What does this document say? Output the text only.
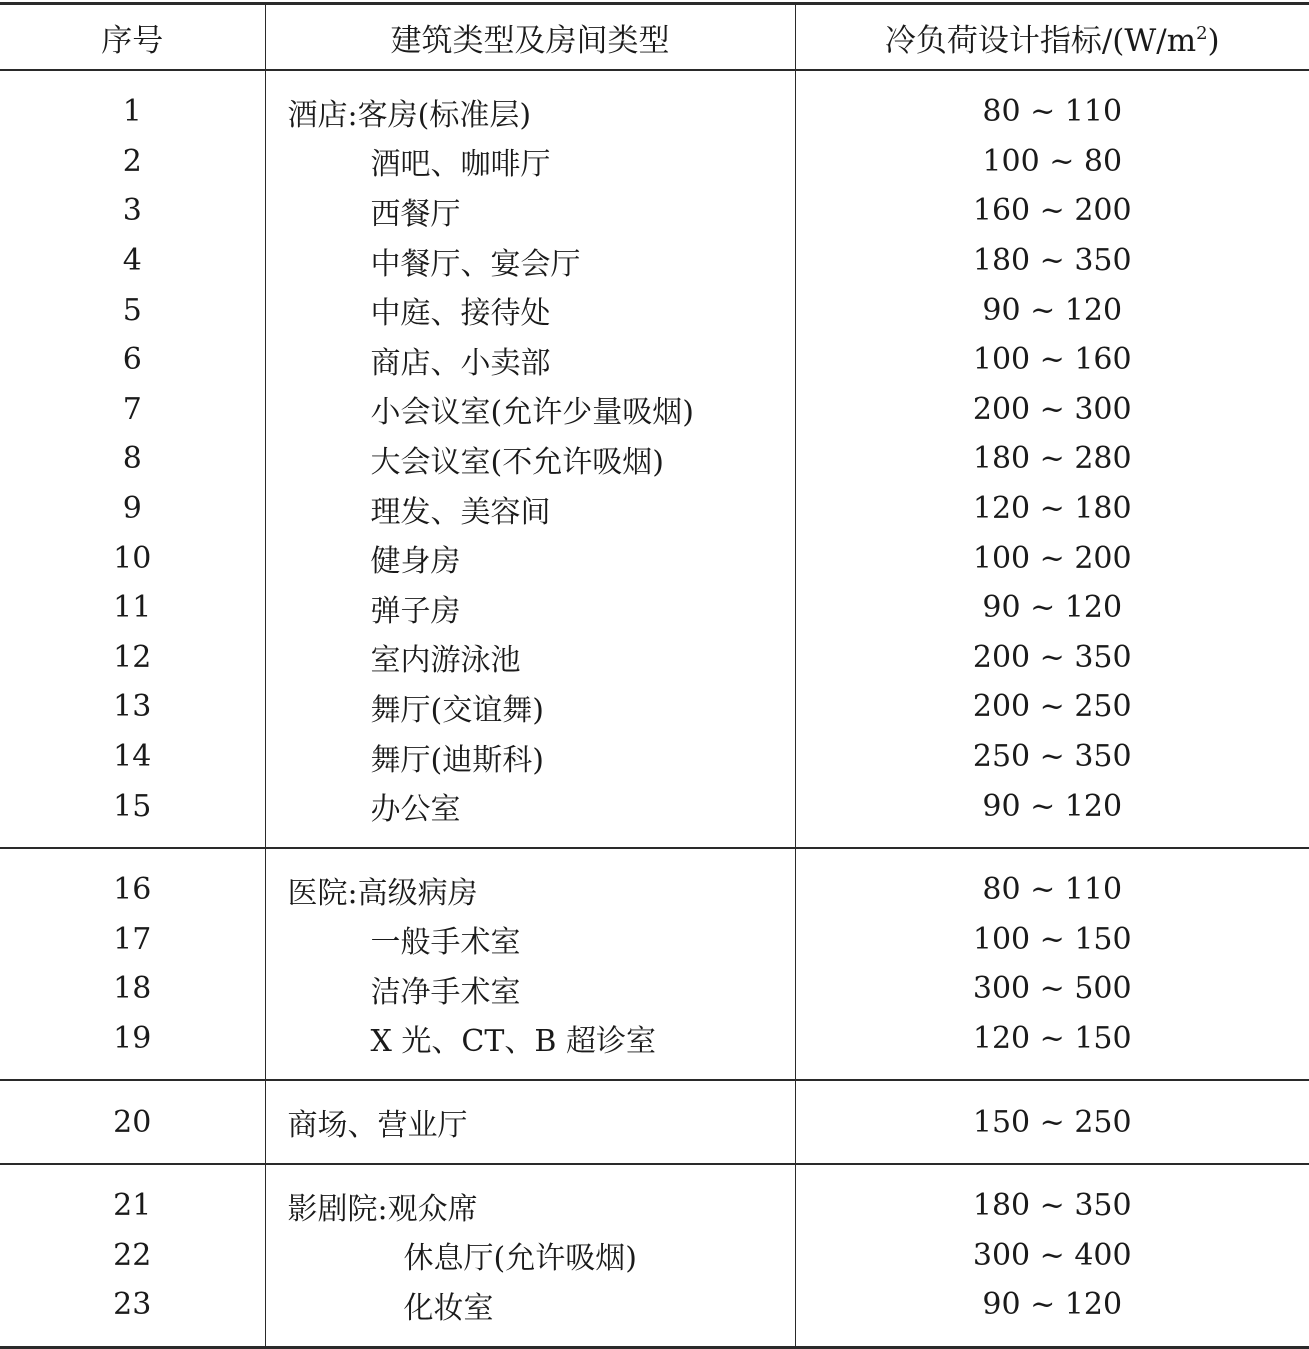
序号	建筑类型及房间类型	冷负荷设计指标$/(W/m^2)$
1	酒店:客房(标准层)	80 ~ 110
2	酒吧、咖啡厅	100 ~ 80
3	西餐厅	160 ~ 200
4	中餐厅、宴会厅	180 ~ 350
5	中庭、接待处	90 ~ 120
6	商店、小卖部	100 ~ 160
7	小会议室(允许少量吸烟)	200 ~ 300
8	大会议室(不允许吸烟)	180 ~ 280
9	理发、美容间	120 ~ 180
10	健身房	100 ~ 200
11	弹子房	90 ~ 120
12	室内游泳池	200 ~ 350
13	舞厅(交谊舞)	200 ~ 250
14	舞厅(迪斯科)	250 ~ 350
15	办公室	90 ~ 120
16	医院:高级病房	80 ~ 110
17	一般手术室	100 ~ 150
18	洁净手术室	300 ~ 500
19	X 光、CT、B 超诊室	120 ~ 150
20	商场、营业厅	150 ~ 250
21	影剧院:观众席	180 ~ 350
22	休息厅(允许吸烟)	300 ~ 400
23	化妆室	90 ~ 120
